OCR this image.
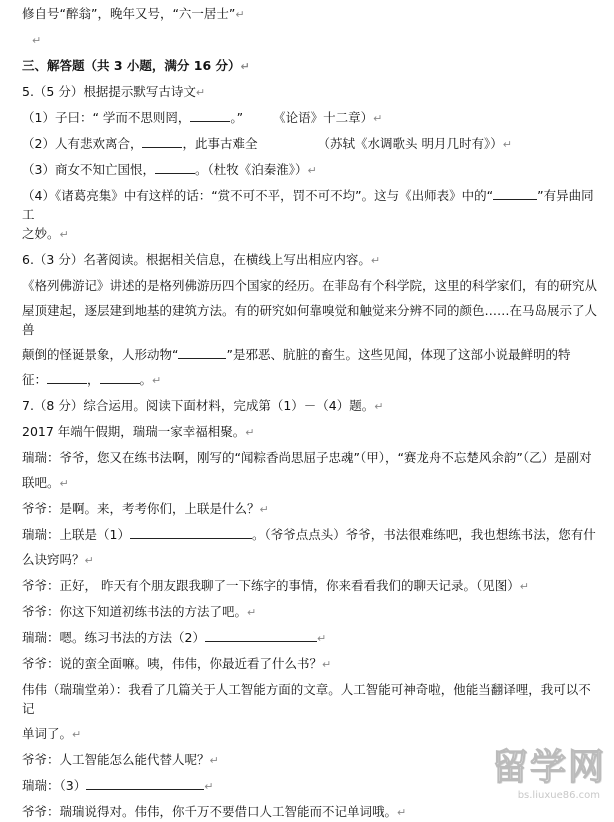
修自号“醉翁”，晚年又号，“六一居士”↵

↵

三、解答题（共 3 小题，满分 16 分）↵

5.（5 分）根据提示默写古诗文↵

（1）子曰：“ 学而不思则罔，	。” 《论语》十二章）↵

（2）人有悲欢离合，	，此事古难全	（苏轼《水调歌头 明月几时有》）↵

（3）商女不知亡国恨，	。（杜牧《泊秦淮》）↵

（4）《诸葛亮集》中有这样的话：“赏不可不平，罚不可不均”。这与《出师表》中的“	”有异曲同工

之妙。↵

6.（3 分）名著阅读。根据相关信息，在横线上写出相应内容。↵

《格列佛游记》讲述的是格列佛游历四个国家的经历。在菲岛有个科学院，这里的科学家们，有的研究从

屋顶建起，逐层建到地基的建筑方法。有的研究如何靠嗅觉和触觉来分辨不同的颜色……在马岛展示了人兽

颠倒的怪诞景象，人形动物“	”是邪恶、肮脏的畜生。这些见闻，体现了这部小说最鲜明的特

征：	，	。↵

7.（8 分）综合运用。阅读下面材料，完成第（1）－（4）题。↵

2017 年端午假期，瑞瑞一家幸福相聚。↵

瑞瑞：爷爷，您又在练书法啊，刚写的“闻粽香尚思屈子忠魂”（甲），“赛龙舟不忘楚风余韵”（乙）是副对

联吧。↵

爷爷：是啊。来，考考你们，上联是什么？↵

瑞瑞：上联是（1）	。（爷爷点点头）爷爷，书法很难练吧，我也想练书法，您有什

么诀窍吗？↵

爷爷：正好， 昨天有个朋友跟我聊了一下练字的事情，你来看看我们的聊天记录。（见图）↵

爷爷：你这下知道初练书法的方法了吧。↵

瑞瑞：嗯。练习书法的方法（2）	↵

爷爷：说的蛮全面嘛。咦，伟伟，你最近看了什么书？↵

伟伟（瑞瑞堂弟）：我看了几篇关于人工智能方面的文章。人工智能可神奇啦，他能当翻译哩，我可以不记

单词了。↵

爷爷：人工智能怎么能代替人呢？↵

瑞瑞：（3）	↵

爷爷：瑞瑞说得对。伟伟，你千万不要借口人工智能而不记单词哦。↵

留学网
bs.liuxue86.com
